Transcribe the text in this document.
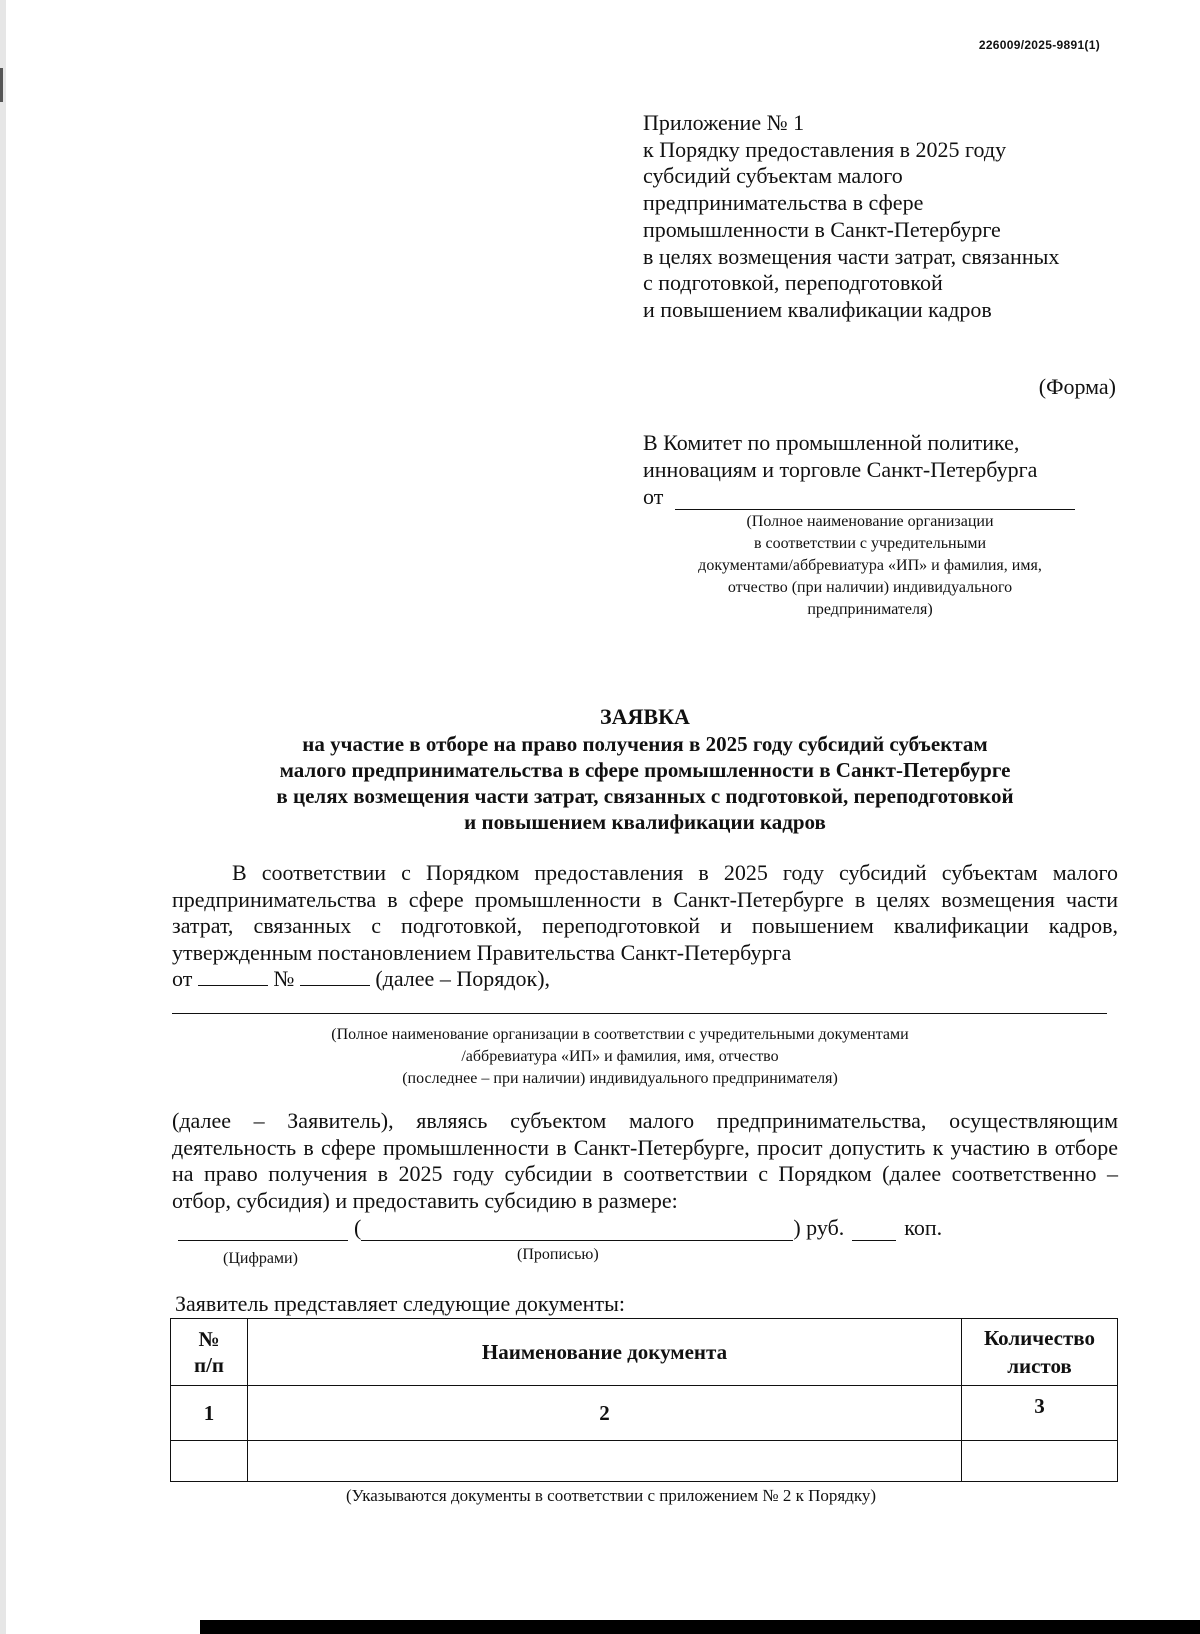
226009/2025-9891(1)
Приложение № 1
к Порядку предоставления в 2025 году
субсидий субъектам малого
предпринимательства в сфере
промышленности в Санкт-Петербурге
в целях возмещения части затрат, связанных
с подготовкой, переподготовкой
и повышением квалификации кадров
(Форма)
В Комитет по промышленной политике,
инновациям и торговле Санкт-Петербурга
от
(Полное наименование организации
в соответствии с учредительными
документами/аббревиатура «ИП» и фамилия, имя,
отчество (при наличии) индивидуального
предпринимателя)
ЗАЯВКА
на участие в отборе на право получения в 2025 году субсидий субъектам
малого предпринимательства в сфере промышленности в Санкт-Петербурге
в целях возмещения части затрат, связанных с подготовкой, переподготовкой
и повышением квалификации кадров

В соответствии с Порядком предоставления в 2025 году субсидий субъектам малого предпринимательства в сфере промышленности в Санкт-Петербурге в целях возмещения части затрат, связанных с подготовкой, переподготовкой и повышением квалификации кадров, утвержденным постановлением Правительства Санкт-Петербурга
от	№	(далее – Порядок),

(Полное наименование организации в соответствии с учредительными документами
/аббревиатура «ИП» и фамилия, имя, отчество
(последнее – при наличии) индивидуального предпринимателя)

(далее – Заявитель), являясь субъектом малого предпринимательства, осуществляющим деятельность в сфере промышленности в Санкт-Петербурге, просит допустить к участию в отборе на право получения в 2025 году субсидии в соответствии с Порядком (далее соответственно – отбор, субсидия) и предоставить субсидию в размере:

(	) руб.	коп.
(Цифрами)	(Прописью)
Заявитель представляет следующие документы:
№ п/п	Наименование документа	Количество листов
1	2	3

(Указываются документы в соответствии с приложением № 2 к Порядку)
